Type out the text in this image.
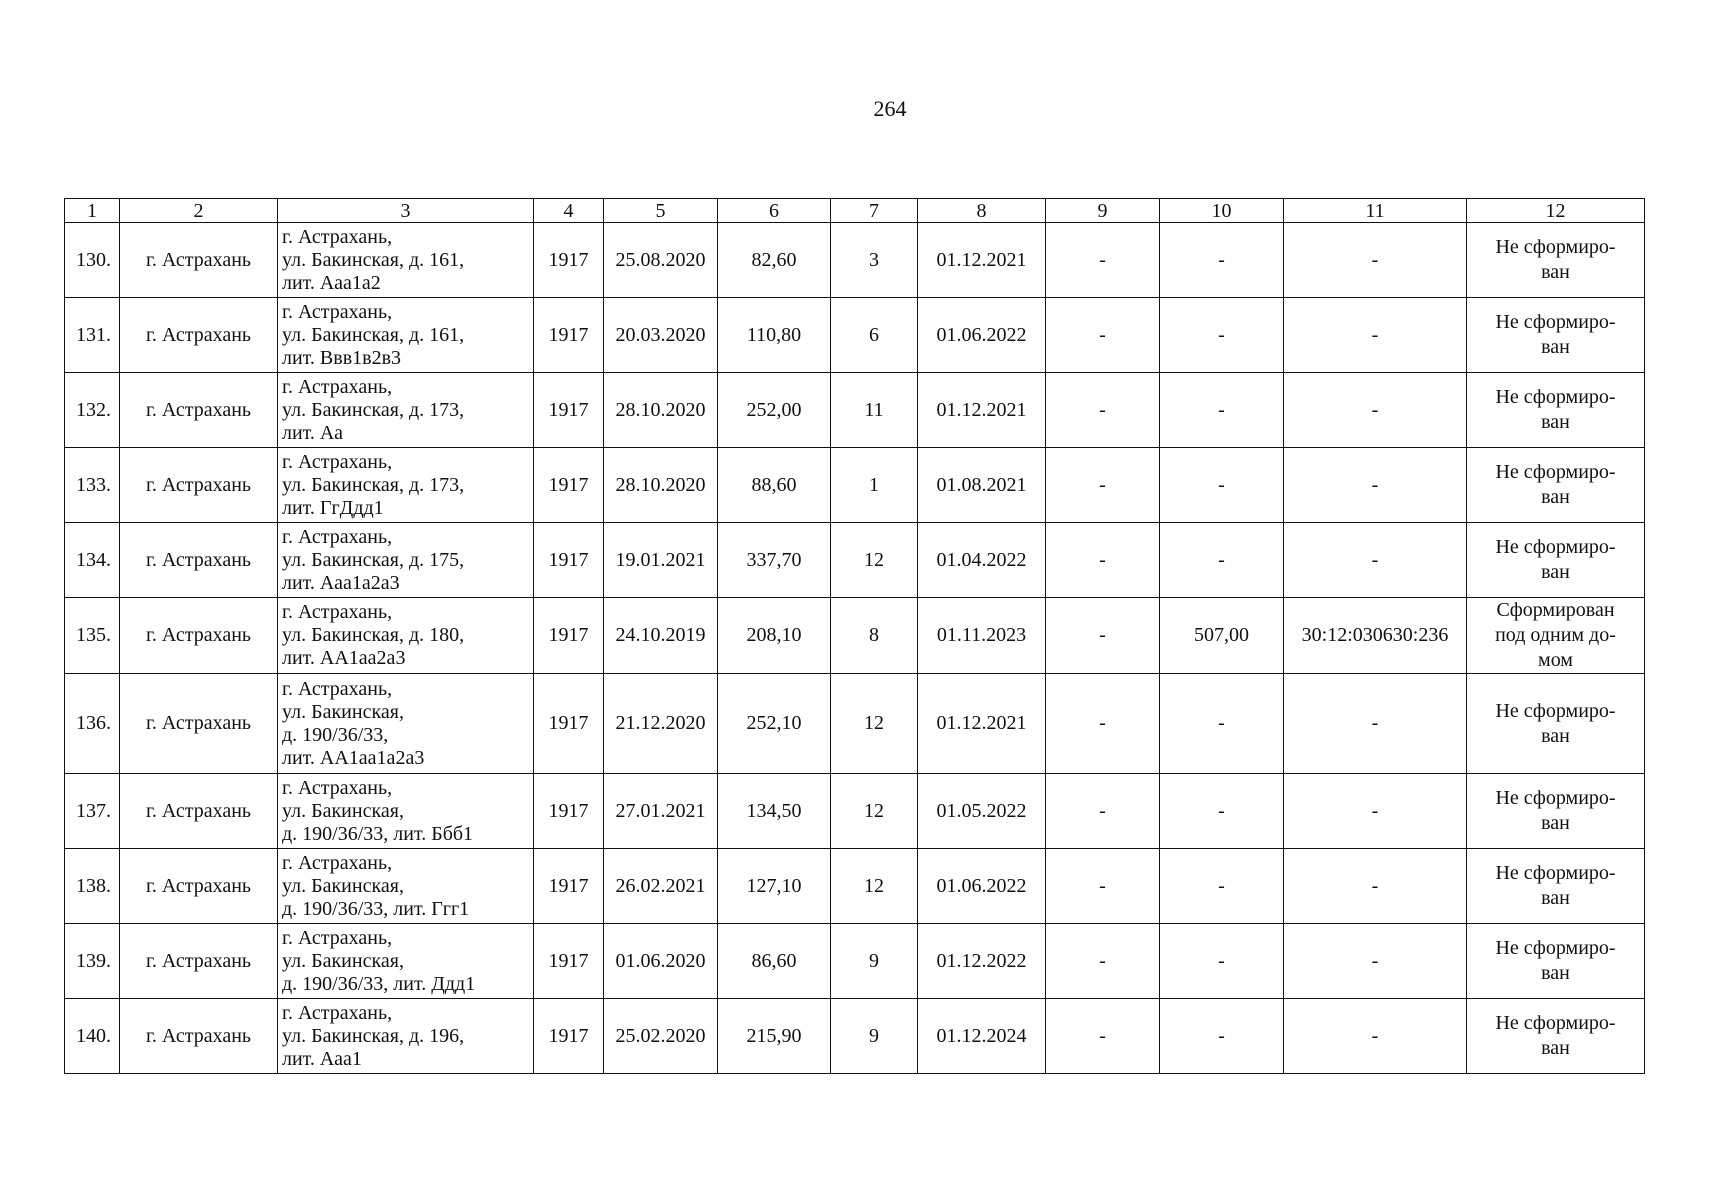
264
1	2	3	4	5	6	7	8	9	10	11	12
130.	г. Астрахань	г. Астрахань,
ул. Бакинская, д. 161,
лит. Ааа1а2	1917	25.08.2020	82,60	3	01.12.2021	-	-	-	Не сформиро-
ван

131.	г. Астрахань	г. Астрахань,
ул. Бакинская, д. 161,
лит. Ввв1в2в3	1917	20.03.2020	110,80	6	01.06.2022	-	-	-	Не сформиро-
ван

132.	г. Астрахань	г. Астрахань,
ул. Бакинская, д. 173,
лит. Аа	1917	28.10.2020	252,00	11	01.12.2021	-	-	-	Не сформиро-
ван

133.	г. Астрахань	г. Астрахань,
ул. Бакинская, д. 173,
лит. ГгДдд1	1917	28.10.2020	88,60	1	01.08.2021	-	-	-	Не сформиро-
ван

134.	г. Астрахань	г. Астрахань,
ул. Бакинская, д. 175,
лит. Ааа1а2а3	1917	19.01.2021	337,70	12	01.04.2022	-	-	-	Не сформиро-
ван

135.	г. Астрахань	г. Астрахань,
ул. Бакинская, д. 180,
лит. АА1аа2а3	1917	24.10.2019	208,10	8	01.11.2023	-	507,00	30:12:030630:236	Сформирован
под одним до-
мом

136.	г. Астрахань	г. Астрахань,
ул. Бакинская,
д. 190/36/33,
лит. АА1аа1а2а3	1917	21.12.2020	252,10	12	01.12.2021	-	-	-	Не сформиро-
ван

137.	г. Астрахань	г. Астрахань,
ул. Бакинская,
д. 190/36/33, лит. Ббб1	1917	27.01.2021	134,50	12	01.05.2022	-	-	-	Не сформиро-
ван

138.	г. Астрахань	г. Астрахань,
ул. Бакинская,
д. 190/36/33, лит. Ггг1	1917	26.02.2021	127,10	12	01.06.2022	-	-	-	Не сформиро-
ван

139.	г. Астрахань	г. Астрахань,
ул. Бакинская,
д. 190/36/33, лит. Ддд1	1917	01.06.2020	86,60	9	01.12.2022	-	-	-	Не сформиро-
ван

140.	г. Астрахань	г. Астрахань,
ул. Бакинская, д. 196,
лит. Ааа1	1917	25.02.2020	215,90	9	01.12.2024	-	-	-	Не сформиро-
ван
